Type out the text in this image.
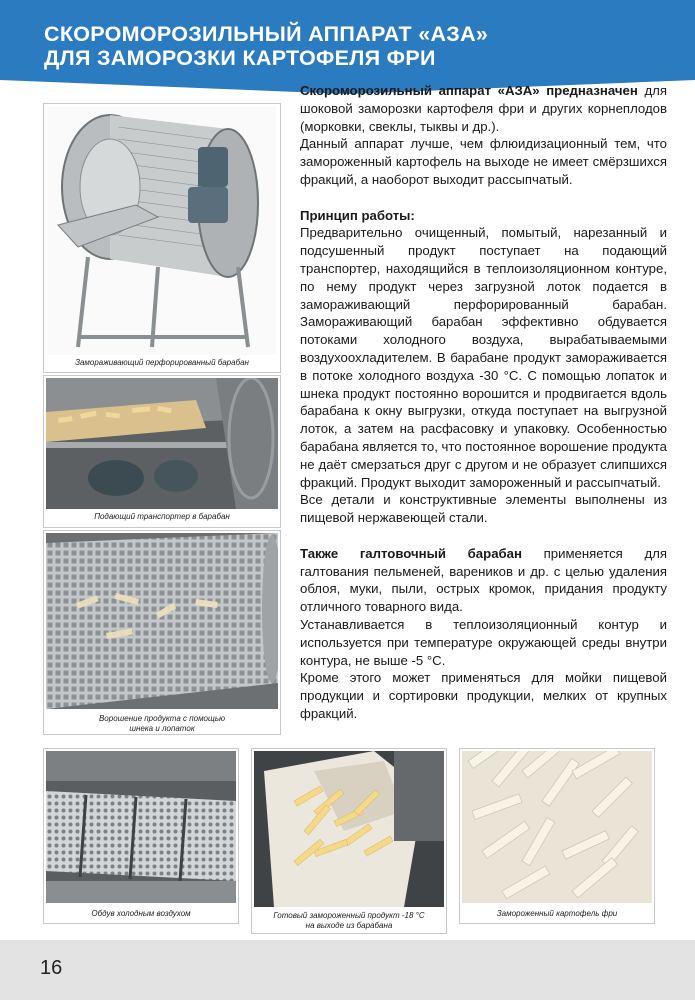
СКОРОМОРОЗИЛЬНЫЙ АППАРАТ «АЗА»
ДЛЯ ЗАМОРОЗКИ КАРТОФЕЛЯ ФРИ
Замораживающий перфорированный барабан
Подающий транспортер в барабан
Ворошение продукта с помощью
шнека и лопаток
Обдув холодным воздухом	Готовый замороженный продукт -18 °С
на выходе из барабана
Замороженный картофель фри

Скороморозильный аппарат «АЗА» предназначен для шоковой заморозки картофеля фри и других корнеплодов (морковки, свеклы, тыквы и др.).

Данный аппарат лучше, чем флюидизационный тем, что замороженный картофель на выходе не имеет смёрзшихся фракций, а наоборот выходит рассыпчатый.

Принцип работы:

Предварительно очищенный, помытый, нарезанный и подсушенный продукт поступает на подающий транспортер, находящийся в теплоизоляционном контуре, по нему продукт через загрузной лоток подается в замораживающий перфорированный барабан. Замораживающий барабан эффективно обдувается потоками холодного воздуха, вырабатываемыми воздухоохладителем. В барабане продукт замораживается в потоке холодного воздуха -30 °С. С помощью лопаток и шнека продукт постоянно ворошится и продвигается вдоль барабана к окну выгрузки, откуда поступает на выгрузной лоток, а затем на расфасовку и упаковку. Особенностью барабана является то, что постоянное ворошение продукта не даёт смерзаться друг с другом и не образует слипшихся фракций. Продукт выходит замороженный и рассыпчатый.

Все детали и конструктивные элементы выполнены из пищевой нержавеющей стали.

Также галтовочный барабан применяется для галтования пельменей, вареников и др. с целью удаления облоя, муки, пыли, острых кромок, придания продукту отличного товарного вида.

Устанавливается в теплоизоляционный контур и используется при температуре окружающей среды внутри контура, не выше -5 °С.

Кроме этого может применяться для мойки пищевой продукции и сортировки продукции, мелких от крупных фракций.

16
